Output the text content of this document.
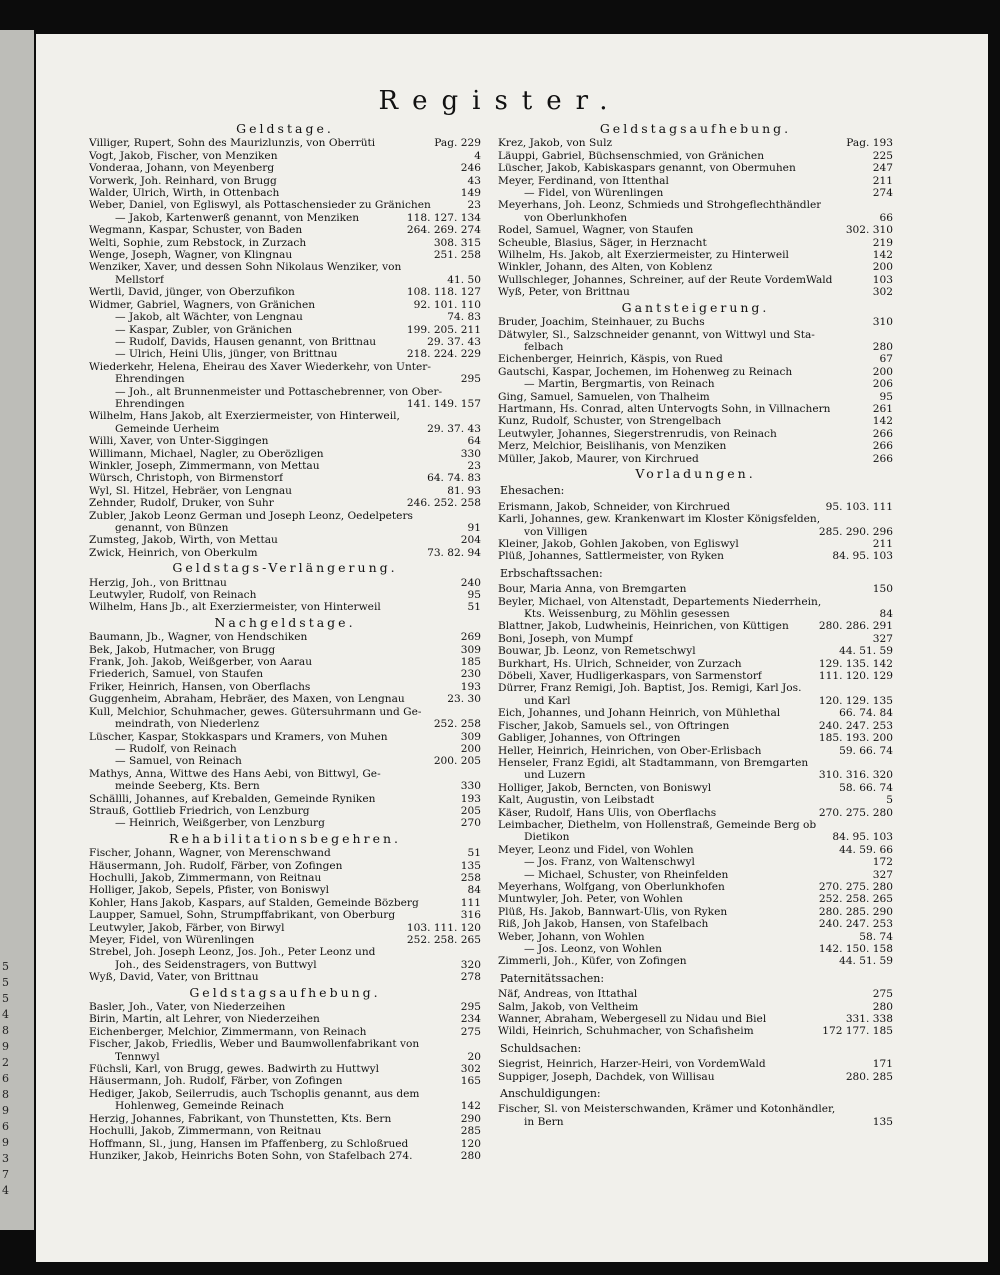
5
5
5
4
8
9
2
6
8
9
6
9
3
7
4
Register.
Geldstage.
Villiger, Rupert, Sohn des Maurizlunzis, von Oberrüti	Pag. 229
Vogt, Jakob, Fischer, von Menziken	4
Vonderaa, Johann, von Meyenberg	246
Vorwerk, Joh. Reinhard, von Brugg	43
Walder, Ulrich, Wirth, in Ottenbach	149
Weber, Daniel, von Egliswyl, als Pottaschensieder zu Gränichen	23
— Jakob, Kartenwerß genannt, von Menziken	118. 127. 134
Wegmann, Kaspar, Schuster, von Baden	264. 269. 274
Welti, Sophie, zum Rebstock, in Zurzach	308. 315
Wenge, Joseph, Wagner, von Klingnau	251. 258
Wenziker, Xaver, und dessen Sohn Nikolaus Wenziker, von
Mellstorf	41. 50
Wertli, David, jünger, von Oberzufikon	108. 118. 127
Widmer, Gabriel, Wagners, von Gränichen	92. 101. 110
— Jakob, alt Wächter, von Lengnau	74. 83
— Kaspar, Zubler, von Gränichen	199. 205. 211
— Rudolf, Davids, Hausen genannt, von Brittnau	29. 37. 43
— Ulrich, Heini Ulis, jünger, von Brittnau	218. 224. 229
Wiederkehr, Helena, Eheirau des Xaver Wiederkehr, von Unter-
Ehrendingen	295
— Joh., alt Brunnenmeister und Pottaschebrenner, von Ober-
Ehrendingen	141. 149. 157
Wilhelm, Hans Jakob, alt Exerziermeister, von Hinterweil,
Gemeinde Uerheim	29. 37. 43
Willi, Xaver, von Unter-Siggingen	64
Willimann, Michael, Nagler, zu Oberözligen	330
Winkler, Joseph, Zimmermann, von Mettau	23
Würsch, Christoph, von Birmenstorf	64. 74. 83
Wyl, Sl. Hitzel, Hebräer, von Lengnau	81. 93
Zehnder, Rudolf, Druker, von Suhr	246. 252. 258
Zubler, Jakob Leonz German und Joseph Leonz, Oedelpeters
genannt, von Bünzen	91
Zumsteg, Jakob, Wirth, von Mettau	204
Zwick, Heinrich, von Oberkulm	73. 82. 94
Geldstags-Verlängerung.
Herzig, Joh., von Brittnau	240
Leutwyler, Rudolf, von Reinach	95
Wilhelm, Hans Jb., alt Exerziermeister, von Hinterweil	51
Nachgeldstage.
Baumann, Jb., Wagner, von Hendschiken	269
Bek, Jakob, Hutmacher, von Brugg	309
Frank, Joh. Jakob, Weißgerber, von Aarau	185
Friederich, Samuel, von Staufen	230
Friker, Heinrich, Hansen, von Oberflachs	193
Guggenheim, Abraham, Hebräer, des Maxen, von Lengnau	23. 30
Kull, Melchior, Schuhmacher, gewes. Gütersuhrmann und Ge-
meindrath, von Niederlenz	252. 258
Lüscher, Kaspar, Stokkaspars und Kramers, von Muhen	309
— Rudolf, von Reinach	200
— Samuel, von Reinach	200. 205
Mathys, Anna, Wittwe des Hans Aebi, von Bittwyl, Ge-
meinde Seeberg, Kts. Bern	330
Schällli, Johannes, auf Krebalden, Gemeinde Ryniken	193
Strauß, Gottlieb Friedrich, von Lenzburg	205
— Heinrich, Weißgerber, von Lenzburg	270
Rehabilitationsbegehren.
Fischer, Johann, Wagner, von Merenschwand	51
Häusermann, Joh. Rudolf, Färber, von Zofingen	135
Hochulli, Jakob, Zimmermann, von Reitnau	258
Holliger, Jakob, Sepels, Pfister, von Boniswyl	84
Kohler, Hans Jakob, Kaspars, auf Stalden, Gemeinde Bözberg	111
Laupper, Samuel, Sohn, Strumpffabrikant, von Oberburg	316
Leutwyler, Jakob, Färber, von Birwyl	103. 111. 120
Meyer, Fidel, von Würenlingen	252. 258. 265
Strebel, Joh. Joseph Leonz, Jos. Joh., Peter Leonz und
Joh., des Seidenstragers, von Buttwyl	320
Wyß, David, Vater, von Brittnau	278
Geldstagsaufhebung.
Basler, Joh., Vater, von Niederzeihen	295
Birin, Martin, alt Lehrer, von Niederzeihen	234
Eichenberger, Melchior, Zimmermann, von Reinach	275
Fischer, Jakob, Friedlis, Weber und Baumwollenfabrikant von
Tennwyl	20
Füchsli, Karl, von Brugg, gewes. Badwirth zu Huttwyl	302
Häusermann, Joh. Rudolf, Färber, von Zofingen	165
Hediger, Jakob, Seilerrudis, auch Tschoplis genannt, aus dem
Hohlenweg, Gemeinde Reinach	142
Herzig, Johannes, Fabrikant, von Thunstetten, Kts. Bern	290
Hochulli, Jakob, Zimmermann, von Reitnau	285
Hoffmann, Sl., jung, Hansen im Pfaffenberg, zu Schloßrued	120
Hunziker, Jakob, Heinrichs Boten Sohn, von Stafelbach 274.	280
Geldstagsaufhebung.
Krez, Jakob, von Sulz	Pag. 193
Läuppi, Gabriel, Büchsenschmied, von Gränichen	225
Lüscher, Jakob, Kabiskaspars genannt, von Obermuhen	247
Meyer, Ferdinand, von Ittenthal	211
— Fidel, von Würenlingen	274
Meyerhans, Joh. Leonz, Schmieds und Strohgeflechthändler
von Oberlunkhofen	66
Rodel, Samuel, Wagner, von Staufen	302. 310
Scheuble, Blasius, Säger, in Herznacht	219
Wilhelm, Hs. Jakob, alt Exerziermeister, zu Hinterweil	142
Winkler, Johann, des Alten, von Koblenz	200
Wullschleger, Johannes, Schreiner, auf der Reute VordemWald	103
Wyß, Peter, von Brittnau	302
Gantsteigerung.
Bruder, Joachim, Steinhauer, zu Buchs	310
Dätwyler, Sl., Salzschneider genannt, von Wittwyl und Sta-
felbach	280
Eichenberger, Heinrich, Käspis, von Rued	67
Gautschi, Kaspar, Jochemen, im Hohenweg zu Reinach	200
— Martin, Bergmartis, von Reinach	206
Ging, Samuel, Samuelen, von Thalheim	95
Hartmann, Hs. Conrad, alten Untervogts Sohn, in Villnachern	261
Kunz, Rudolf, Schuster, von Strengelbach	142
Leutwyler, Johannes, Siegerstrenrudis, von Reinach	266
Merz, Melchior, Beislihanis, von Menziken	266
Müller, Jakob, Maurer, von Kirchrued	266
Vorladungen.
Ehesachen:
Erismann, Jakob, Schneider, von Kirchrued	95. 103. 111
Karli, Johannes, gew. Krankenwart im Kloster Königsfelden,
von Villigen	285. 290. 296
Kleiner, Jakob, Gohlen Jakoben, von Egliswyl	211
Plüß, Johannes, Sattlermeister, von Ryken	84. 95. 103
Erbschaftssachen:
Bour, Maria Anna, von Bremgarten	150
Beyler, Michael, von Altenstadt, Departements Niederrhein,
Kts. Weissenburg, zu Möhlin gesessen	84
Blattner, Jakob, Ludwheinis, Heinrichen, von Küttigen	280. 286. 291
Boni, Joseph, von Mumpf	327
Bouwar, Jb. Leonz, von Remetschwyl	44. 51. 59
Burkhart, Hs. Ulrich, Schneider, von Zurzach	129. 135. 142
Döbeli, Xaver, Hudligerkaspars, von Sarmenstorf	111. 120. 129
Dürrer, Franz Remigi, Joh. Baptist, Jos. Remigi, Karl Jos.
und Karl	120. 129. 135
Eich, Johannes, und Johann Heinrich, von Mühlethal	66. 74. 84
Fischer, Jakob, Samuels sel., von Oftringen	240. 247. 253
Gabliger, Johannes, von Oftringen	185. 193. 200
Heller, Heinrich, Heinrichen, von Ober-Erlisbach	59. 66. 74
Henseler, Franz Egidi, alt Stadtammann, von Bremgarten
und Luzern	310. 316. 320
Holliger, Jakob, Berncten, von Boniswyl	58. 66. 74
Kalt, Augustin, von Leibstadt	5
Käser, Rudolf, Hans Ulis, von Oberflachs	270. 275. 280
Leimbacher, Diethelm, von Hollenstraß, Gemeinde Berg ob
Dietikon	84. 95. 103
Meyer, Leonz und Fidel, von Wohlen	44. 59. 66
— Jos. Franz, von Waltenschwyl	172
— Michael, Schuster, von Rheinfelden	327
Meyerhans, Wolfgang, von Oberlunkhofen	270. 275. 280
Muntwyler, Joh. Peter, von Wohlen	252. 258. 265
Plüß, Hs. Jakob, Bannwart-Ulis, von Ryken	280. 285. 290
Riß, Joh Jakob, Hansen, von Stafelbach	240. 247. 253
Weber, Johann, von Wohlen	58. 74
— Jos. Leonz, von Wohlen	142. 150. 158
Zimmerli, Joh., Küfer, von Zofingen	44. 51. 59
Paternitätssachen:
Näf, Andreas, von Ittathal	275
Salm, Jakob, von Veltheim	280
Wanner, Abraham, Webergesell zu Nidau und Biel	331. 338
Wildi, Heinrich, Schuhmacher, von Schafisheim	172 177. 185
Schuldsachen:
Siegrist, Heinrich, Harzer-Heiri, von VordemWald	171
Suppiger, Joseph, Dachdek, von Willisau	280. 285
Anschuldigungen:
Fischer, Sl. von Meisterschwanden, Krämer und Kotonhändler,
in Bern	135
